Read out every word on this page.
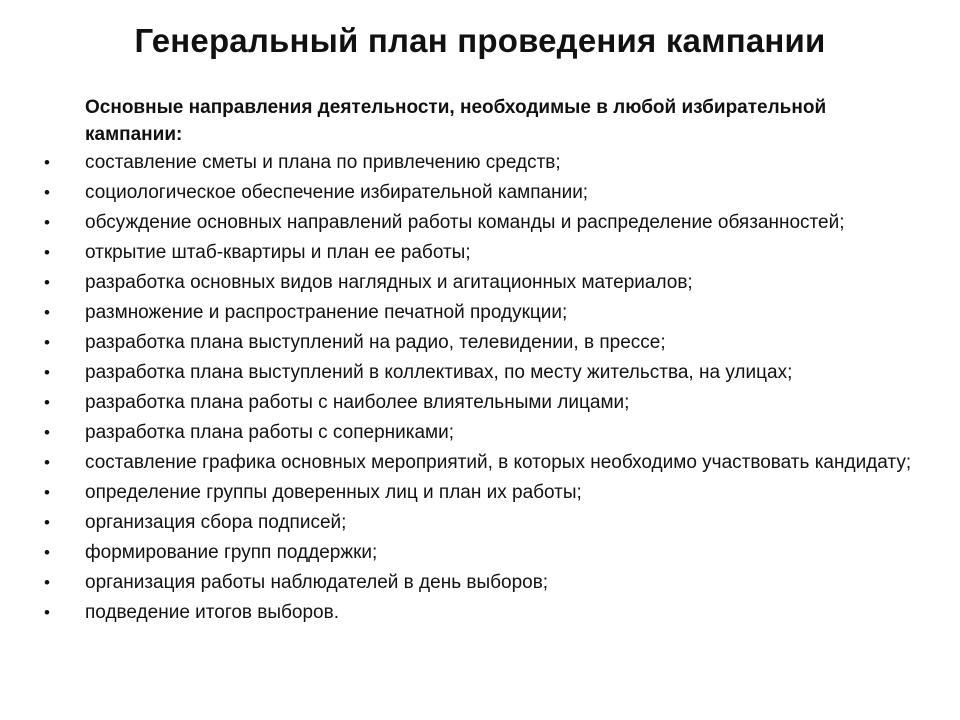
Генеральный план проведения кампании

Основные направления деятельности, необходимые в любой избирательной кампании:

• составление сметы и плана по привлечению средств;
• социологическое обеспечение избирательной кампании;
• обсуждение основных направлений работы команды и распределение обязанностей;
• открытие штаб-квартиры и план ее работы;
• разработка основных видов наглядных и агитационных материалов;
• размножение и распространение печатной продукции;
• разработка плана выступлений на радио, телевидении, в прессе;
• разработка плана выступлений в коллективах, по месту жительства, на улицах;
• разработка плана работы с наиболее влиятельными лицами;
• разработка плана работы с соперниками;
• составление графика основных мероприятий, в которых необходимо участвовать кандидату;
• определение группы доверенных лиц и план их работы;
• организация сбора подписей;
• формирование групп поддержки;
• организация работы наблюдателей в день выборов;
• подведение итогов выборов.
